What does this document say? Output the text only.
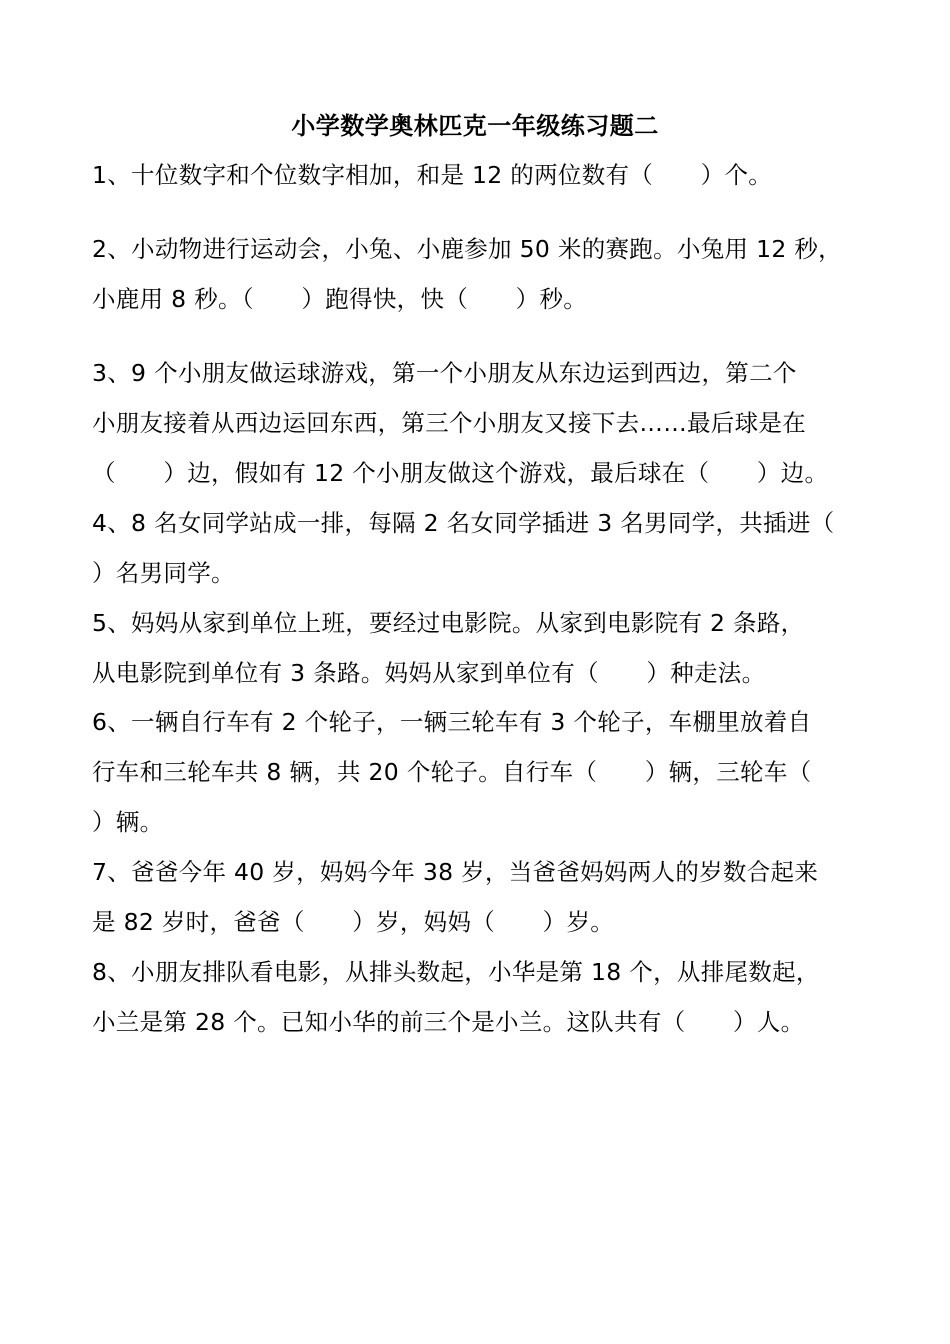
小学数学奥林匹克一年级练习题二
1、十位数字和个位数字相加，和是 12 的两位数有（　　）个。
2、小动物进行运动会，小兔、小鹿参加 50 米的赛跑。小兔用 12 秒，
小鹿用 8 秒。（　　）跑得快，快（　　）秒。
3、9 个小朋友做运球游戏，第一个小朋友从东边运到西边，第二个
小朋友接着从西边运回东西，第三个小朋友又接下去……最后球是在
（　　）边，假如有 12 个小朋友做这个游戏，最后球在（　　）边。
4、8 名女同学站成一排，每隔 2 名女同学插进 3 名男同学，共插进（
）名男同学。
5、妈妈从家到单位上班，要经过电影院。从家到电影院有 2 条路，
从电影院到单位有 3 条路。妈妈从家到单位有（　　）种走法。
6、一辆自行车有 2 个轮子，一辆三轮车有 3 个轮子，车棚里放着自
行车和三轮车共 8 辆，共 20 个轮子。自行车（　　）辆，三轮车（
）辆。
7、爸爸今年 40 岁，妈妈今年 38 岁，当爸爸妈妈两人的岁数合起来
是 82 岁时，爸爸（　　）岁，妈妈（　　）岁。
8、小朋友排队看电影，从排头数起，小华是第 18 个，从排尾数起，
小兰是第 28 个。已知小华的前三个是小兰。这队共有（　　）人。
